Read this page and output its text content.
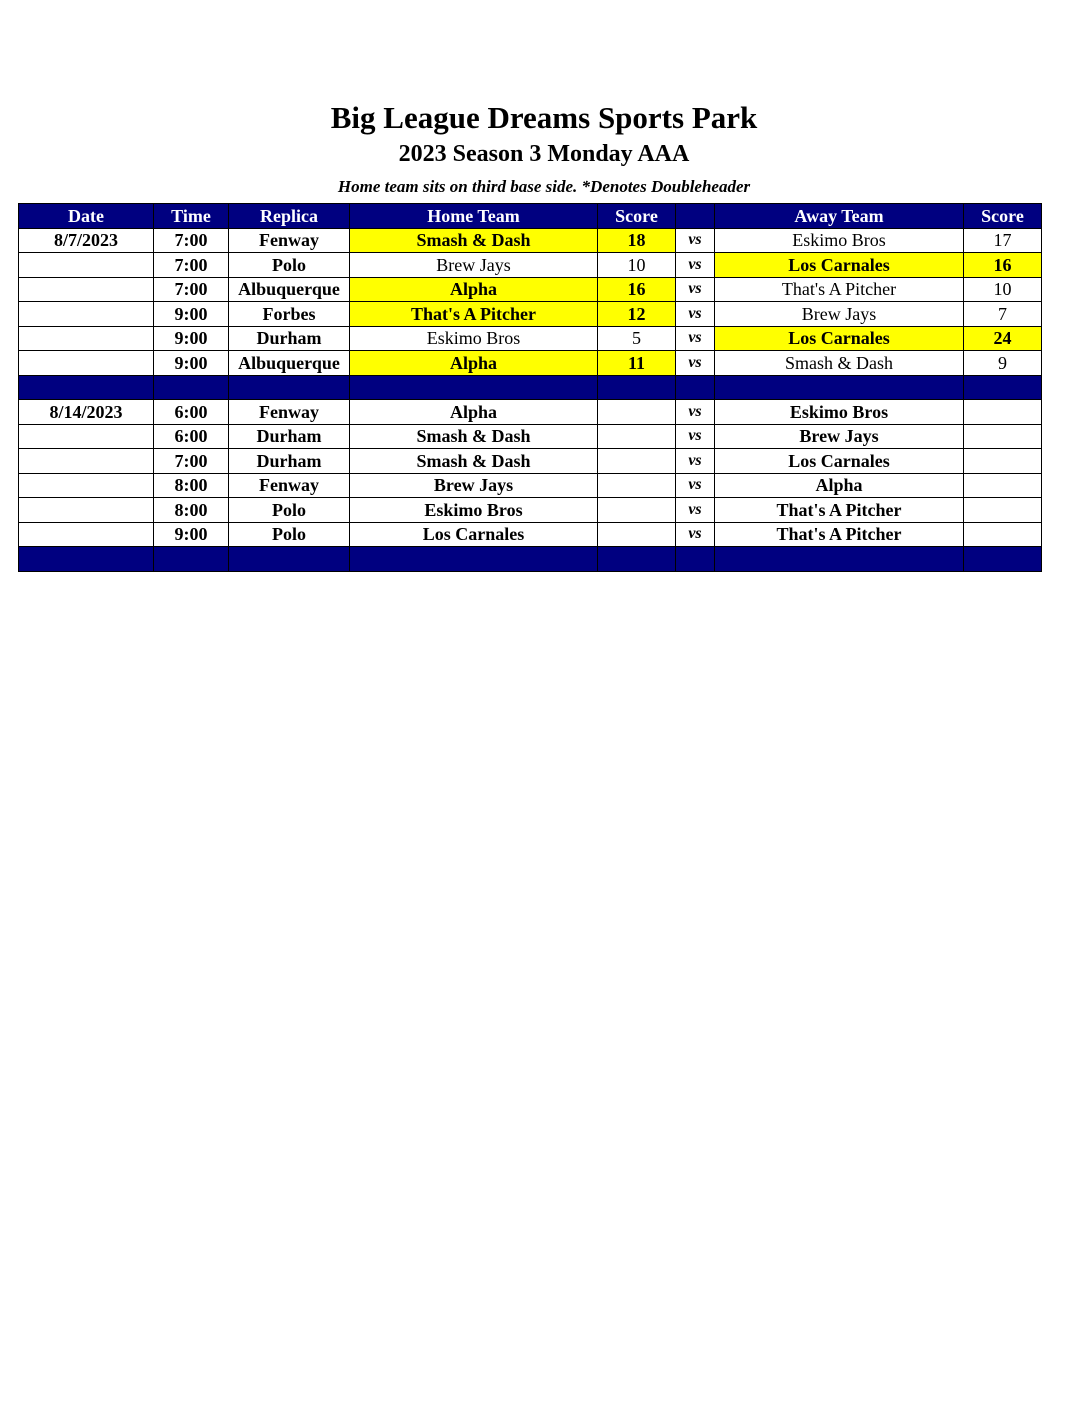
Big League Dreams Sports Park
2023 Season 3 Monday AAA
Home team sits on third base side. *Denotes Doubleheader
Date	Time	Replica	Home Team	Score		Away Team	Score
8/7/2023	7:00	Fenway	Smash & Dash	18	vs	Eskimo Bros	17
	7:00	Polo	Brew Jays	10	vs	Los Carnales	16
	7:00	Albuquerque	Alpha	16	vs	That's A Pitcher	10
	9:00	Forbes	That's A Pitcher	12	vs	Brew Jays	7
	9:00	Durham	Eskimo Bros	5	vs	Los Carnales	24
	9:00	Albuquerque	Alpha	11	vs	Smash & Dash	9

8/14/2023	6:00	Fenway	Alpha		vs	Eskimo Bros	
	6:00	Durham	Smash & Dash		vs	Brew Jays	
	7:00	Durham	Smash & Dash		vs	Los Carnales	
	8:00	Fenway	Brew Jays		vs	Alpha	
	8:00	Polo	Eskimo Bros		vs	That's A Pitcher	
	9:00	Polo	Los Carnales		vs	That's A Pitcher	
